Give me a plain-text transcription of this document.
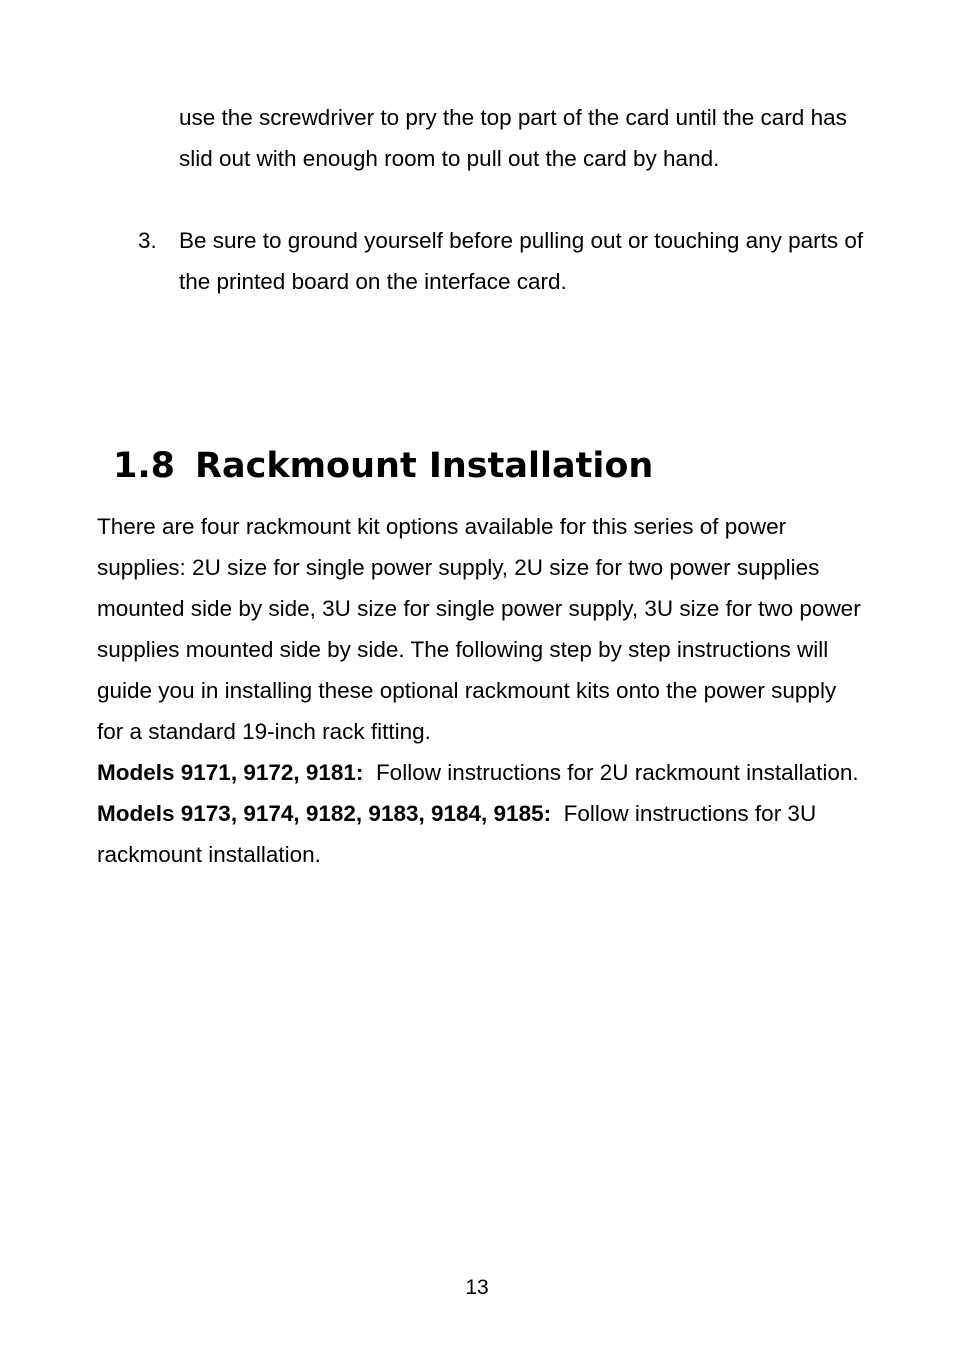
use the screwdriver to pry the top part of the card until the card has slid out with enough room to pull out the card by hand.
3. Be sure to ground yourself before pulling out or touching any parts of the printed board on the interface card.
1.8 Rackmount Installation

There are four rackmount kit options available for this series of power supplies: 2U size for single power supply, 2U size for two power supplies mounted side by side, 3U size for single power supply, 3U size for two power supplies mounted side by side. The following step by step instructions will guide you in installing these optional rackmount kits onto the power supply for a standard 19-inch rack fitting.

Models 9171, 9172, 9181: Follow instructions for 2U rackmount installation.

Models 9173, 9174, 9182, 9183, 9184, 9185: Follow instructions for 3U rackmount installation.

13
